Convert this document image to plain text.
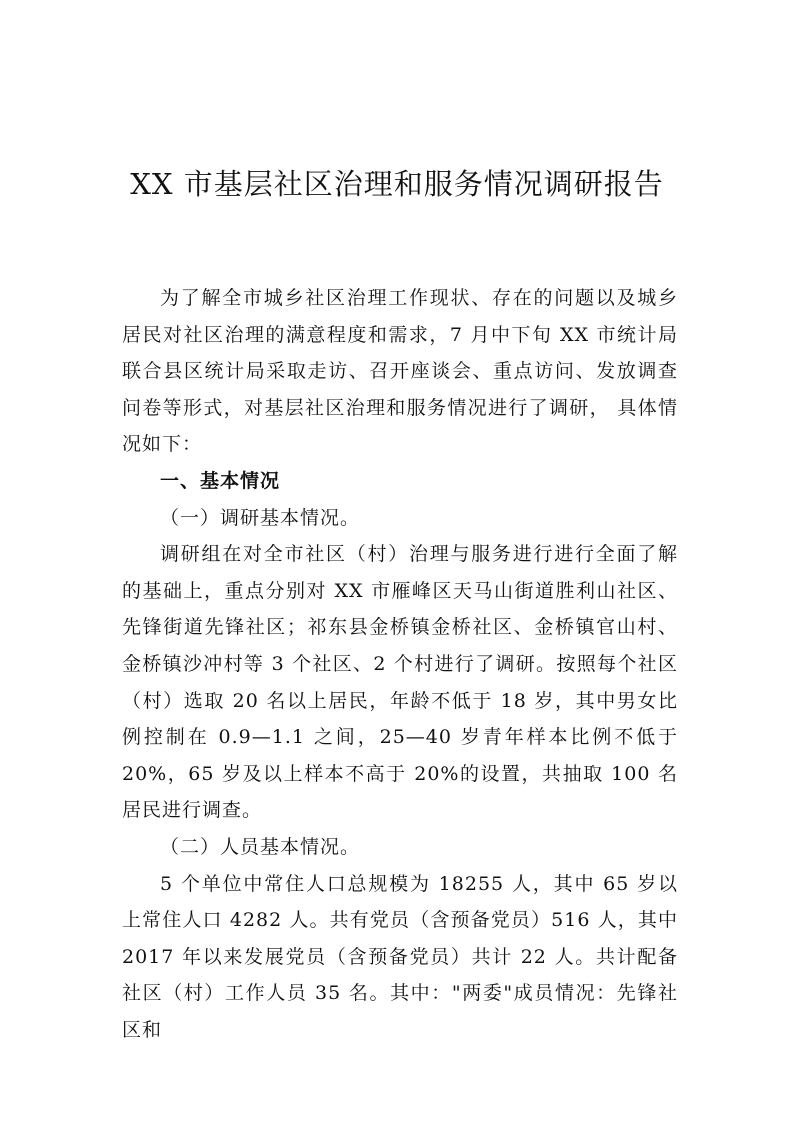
XX 市基层社区治理和服务情况调研报告

为了解全市城乡社区治理工作现状、存在的问题以及城乡居民对社区治理的满意程度和需求，7 月中下旬 XX 市统计局联合县区统计局采取走访、召开座谈会、重点访问、发放调查问卷等形式，对基层社区治理和服务情况进行了调研， 具体情况如下：

一、基本情况

（一）调研基本情况。

调研组在对全市社区（村）治理与服务进行进行全面了解的基础上，重点分别对 XX 市雁峰区天马山街道胜利山社区、先锋街道先锋社区；祁东县金桥镇金桥社区、金桥镇官山村、金桥镇沙冲村等 3 个社区、2 个村进行了调研。按照每个社区（村）选取 20 名以上居民，年龄不低于 18 岁，其中男女比例控制在 0.9—1.1 之间，25—40 岁青年样本比例不低于 20%，65 岁及以上样本不高于 20%的设置，共抽取 100 名居民进行调查。

（二）人员基本情况。

5 个单位中常住人口总规模为 18255 人，其中 65 岁以上常住人口 4282 人。共有党员（含预备党员）516 人，其中 2017 年以来发展党员（含预备党员）共计 22 人。共计配备社区（村）工作人员 35 名。其中："两委"成员情况：先锋社区和
